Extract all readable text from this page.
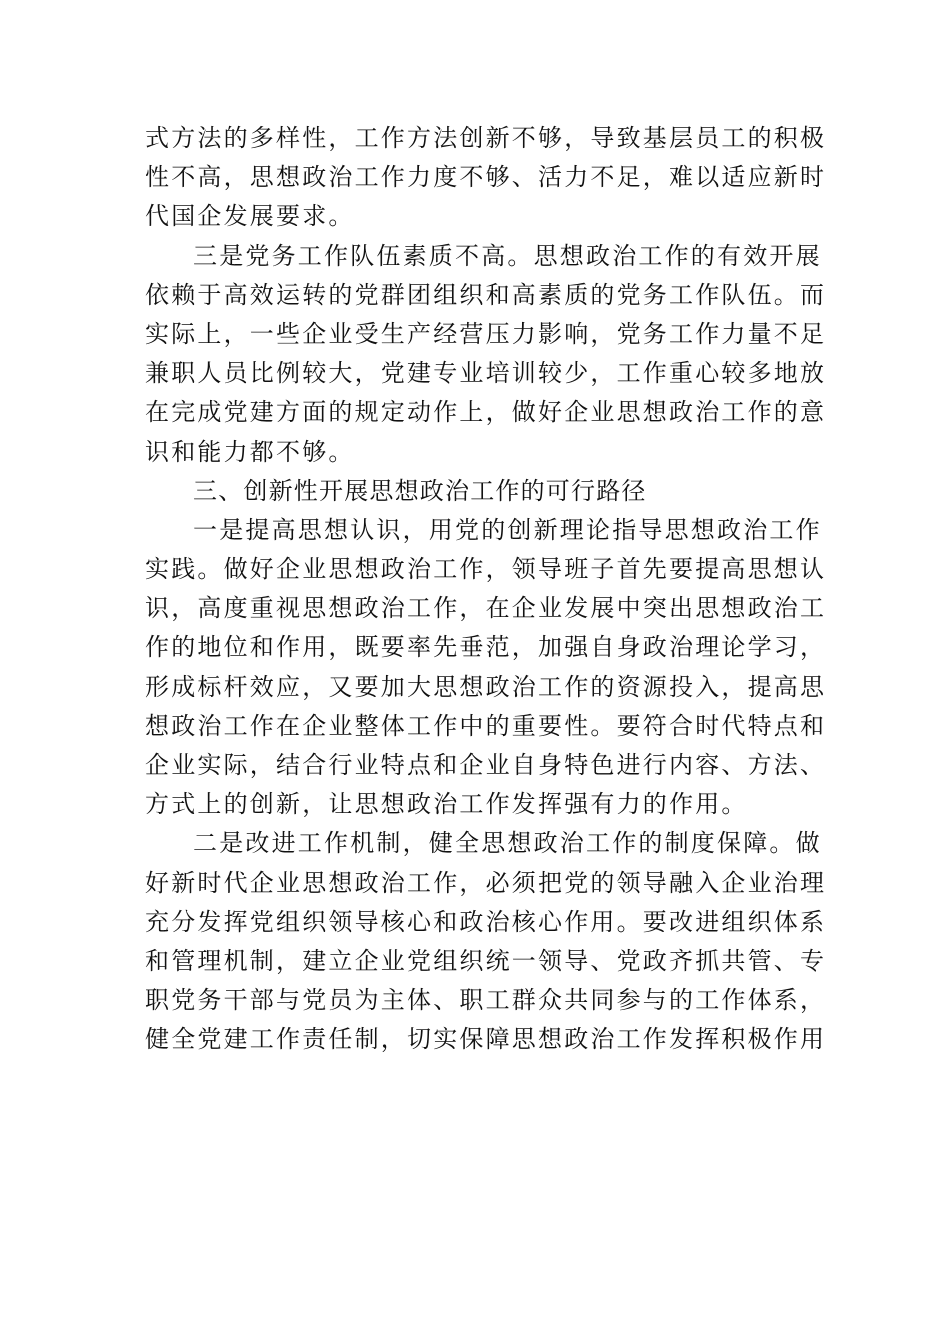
式方法的多样性，工作方法创新不够，导致基层员工的积极
性不高，思想政治工作力度不够、活力不足，难以适应新时
代国企发展要求。
三是党务工作队伍素质不高。思想政治工作的有效开展
依赖于高效运转的党群团组织和高素质的党务工作队伍。而
实际上，一些企业受生产经营压力影响，党务工作力量不足
兼职人员比例较大，党建专业培训较少，工作重心较多地放
在完成党建方面的规定动作上，做好企业思想政治工作的意
识和能力都不够。
三、创新性开展思想政治工作的可行路径
一是提高思想认识，用党的创新理论指导思想政治工作
实践。做好企业思想政治工作，领导班子首先要提高思想认
识，高度重视思想政治工作，在企业发展中突出思想政治工
作的地位和作用，既要率先垂范，加强自身政治理论学习，
形成标杆效应，又要加大思想政治工作的资源投入，提高思
想政治工作在企业整体工作中的重要性。要符合时代特点和
企业实际，结合行业特点和企业自身特色进行内容、方法、
方式上的创新，让思想政治工作发挥强有力的作用。
二是改进工作机制，健全思想政治工作的制度保障。做
好新时代企业思想政治工作，必须把党的领导融入企业治理
充分发挥党组织领导核心和政治核心作用。要改进组织体系
和管理机制，建立企业党组织统一领导、党政齐抓共管、专
职党务干部与党员为主体、职工群众共同参与的工作体系，
健全党建工作责任制，切实保障思想政治工作发挥积极作用
